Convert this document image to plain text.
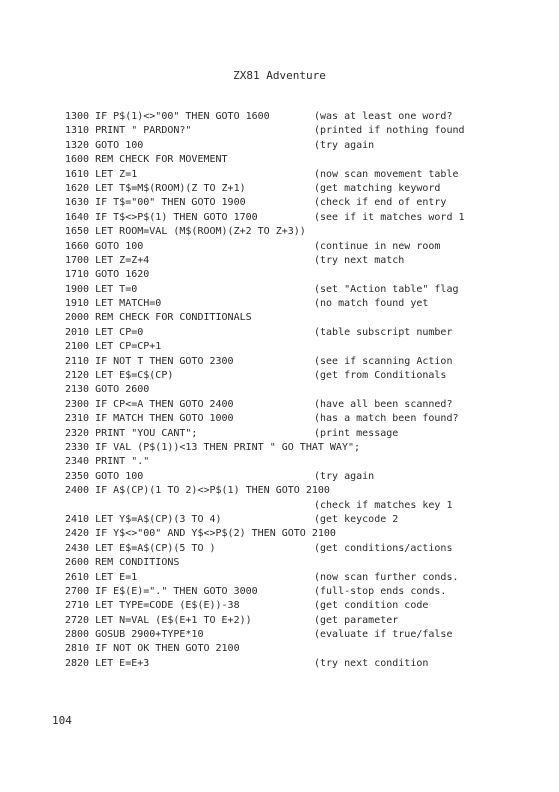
ZX81 Adventure
1300 IF P$(1)<>"00" THEN GOTO 1600	(was at least one word?
1310 PRINT " PARDON?"	(printed if nothing found
1320 GOTO 100	(try again
1600 REM CHECK FOR MOVEMENT
1610 LET Z=1	(now scan movement table
1620 LET T$=M$(ROOM)(Z TO Z+1)	(get matching keyword
1630 IF T$="00" THEN GOTO 1900	(check if end of entry
1640 IF T$<>P$(1) THEN GOTO 1700	(see if it matches word 1
1650 LET ROOM=VAL (M$(ROOM)(Z+2 TO Z+3))
1660 GOTO 100	(continue in new room
1700 LET Z=Z+4	(try next match
1710 GOTO 1620
1900 LET T=0	(set "Action table" flag
1910 LET MATCH=0	(no match found yet
2000 REM CHECK FOR CONDITIONALS
2010 LET CP=0	(table subscript number
2100 LET CP=CP+1
2110 IF NOT T THEN GOTO 2300	(see if scanning Action
2120 LET E$=C$(CP)	(get from Conditionals
2130 GOTO 2600
2300 IF CP<=A THEN GOTO 2400	(have all been scanned?
2310 IF MATCH THEN GOTO 1000	(has a match been found?
2320 PRINT "YOU CANT";	(print message
2330 IF VAL (P$(1))<13 THEN PRINT " GO THAT WAY";
2340 PRINT "."
2350 GOTO 100	(try again
2400 IF A$(CP)(1 TO 2)<>P$(1) THEN GOTO 2100
(check if matches key 1
2410 LET Y$=A$(CP)(3 TO 4)	(get keycode 2
2420 IF Y$<>"00" AND Y$<>P$(2) THEN GOTO 2100
2430 LET E$=A$(CP)(5 TO )	(get conditions/actions
2600 REM CONDITIONS
2610 LET E=1	(now scan further conds.
2700 IF E$(E)="." THEN GOTO 3000	(full-stop ends conds.
2710 LET TYPE=CODE (E$(E))-38	(get condition code
2720 LET N=VAL (E$(E+1 TO E+2))	(get parameter
2800 GOSUB 2900+TYPE*10	(evaluate if true/false
2810 IF NOT OK THEN GOTO 2100
2820 LET E=E+3	(try next condition
104
